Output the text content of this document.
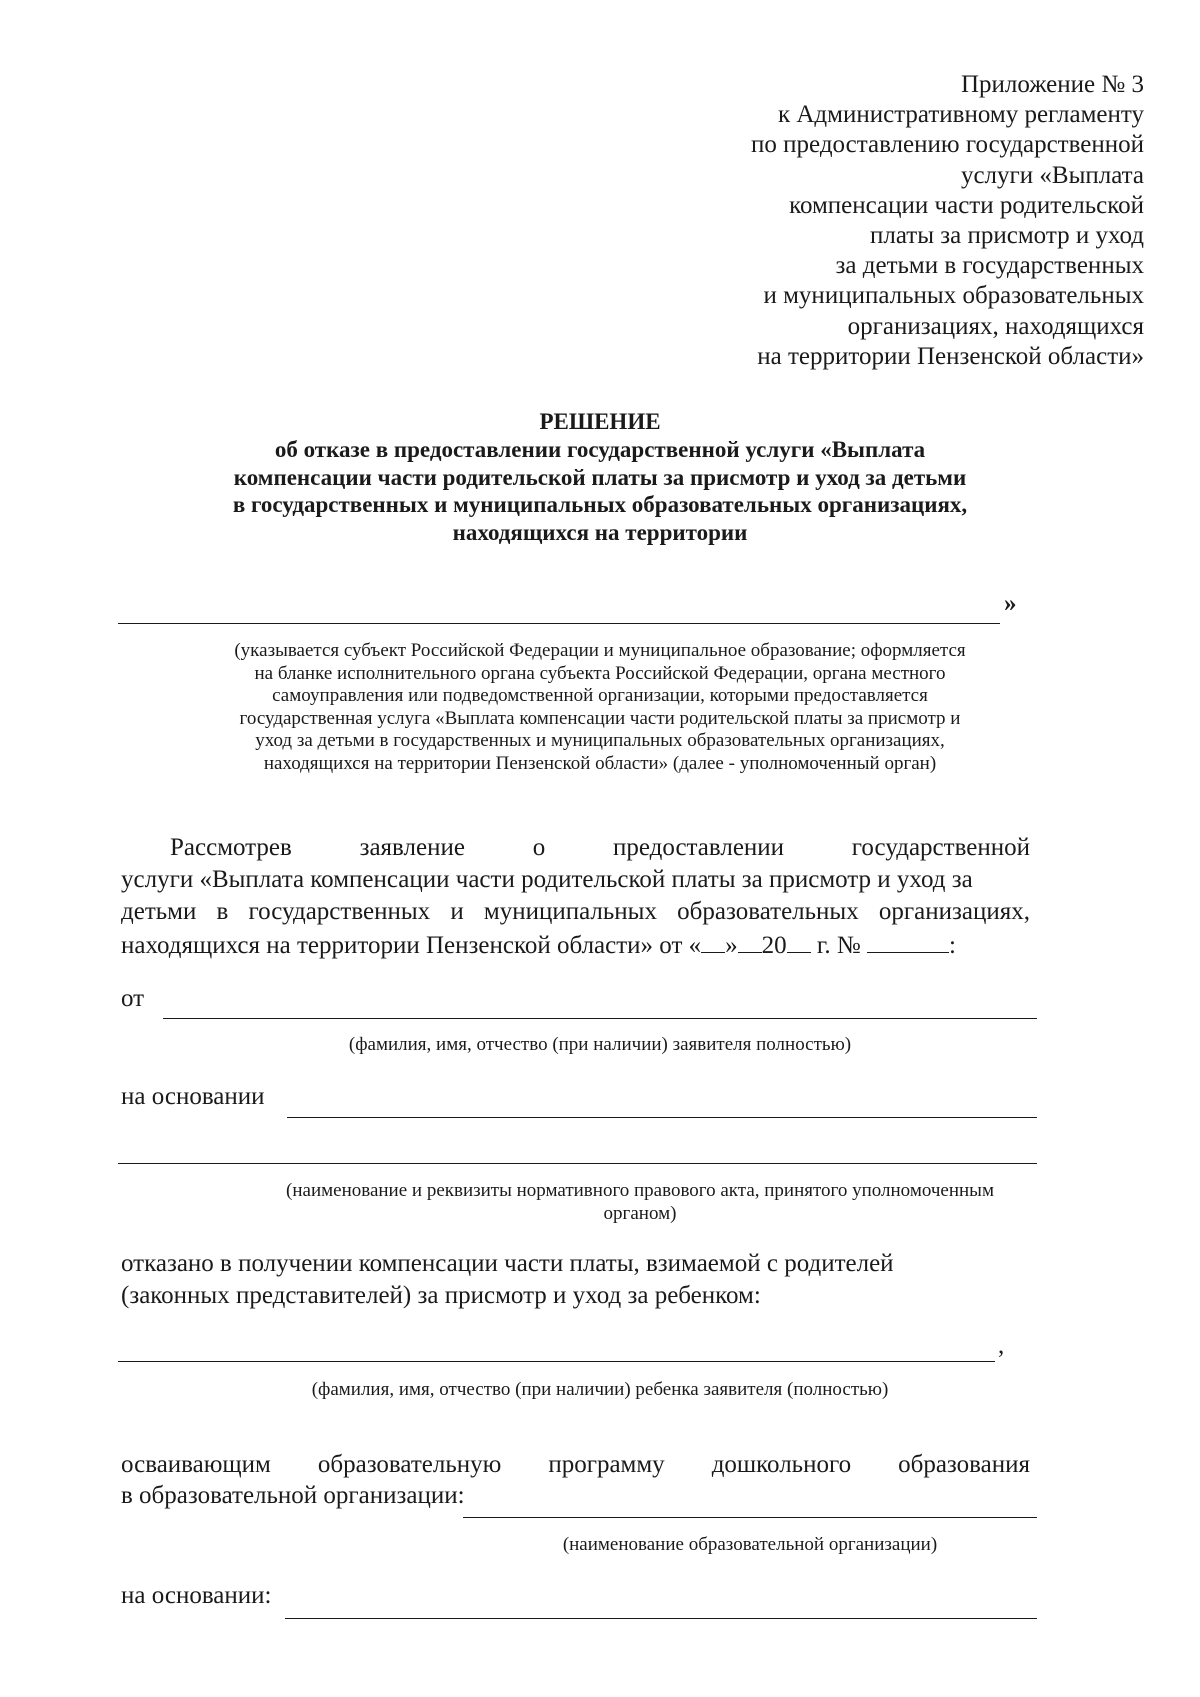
Приложение № 3
к Административному регламенту
по предоставлению государственной
услуги «Выплата
компенсации части родительской
платы за присмотр и уход
за детьми в государственных
и муниципальных образовательных
организациях, находящихся
на территории Пензенской области»
РЕШЕНИЕ
об отказе в предоставлении государственной услуги «Выплата
компенсации части родительской платы за присмотр и уход за детьми
в государственных и муниципальных образовательных организациях,
находящихся на территории
»
(указывается субъект Российской Федерации и муниципальное образование; оформляется
на бланке исполнительного органа субъекта Российской Федерации, органа местного
самоуправления или подведомственной организации, которыми предоставляется
государственная услуга «Выплата компенсации части родительской платы за присмотр и
уход за детьми в государственных и муниципальных образовательных организациях,
находящихся на территории Пензенской области» (далее - уполномоченный орган)
Рассмотрев	заявление	о	предоставлении	государственной
услуги «Выплата компенсации части родительской платы за присмотр и уход за
детьми в государственных и муниципальных образовательных организациях,
находящихся на территории Пензенской области» от « » 20 г. №	:
от
(фамилия, имя, отчество (при наличии) заявителя полностью)
на основании
(наименование и реквизиты нормативного правового акта, принятого уполномоченным
органом)
отказано в получении компенсации части платы, взимаемой с родителей
(законных представителей) за присмотр и уход за ребенком:
,
(фамилия, имя, отчество (при наличии) ребенка заявителя (полностью)
осваивающим образовательную программу дошкольного образования
в образовательной организации:
(наименование образовательной организации)
на основании:
